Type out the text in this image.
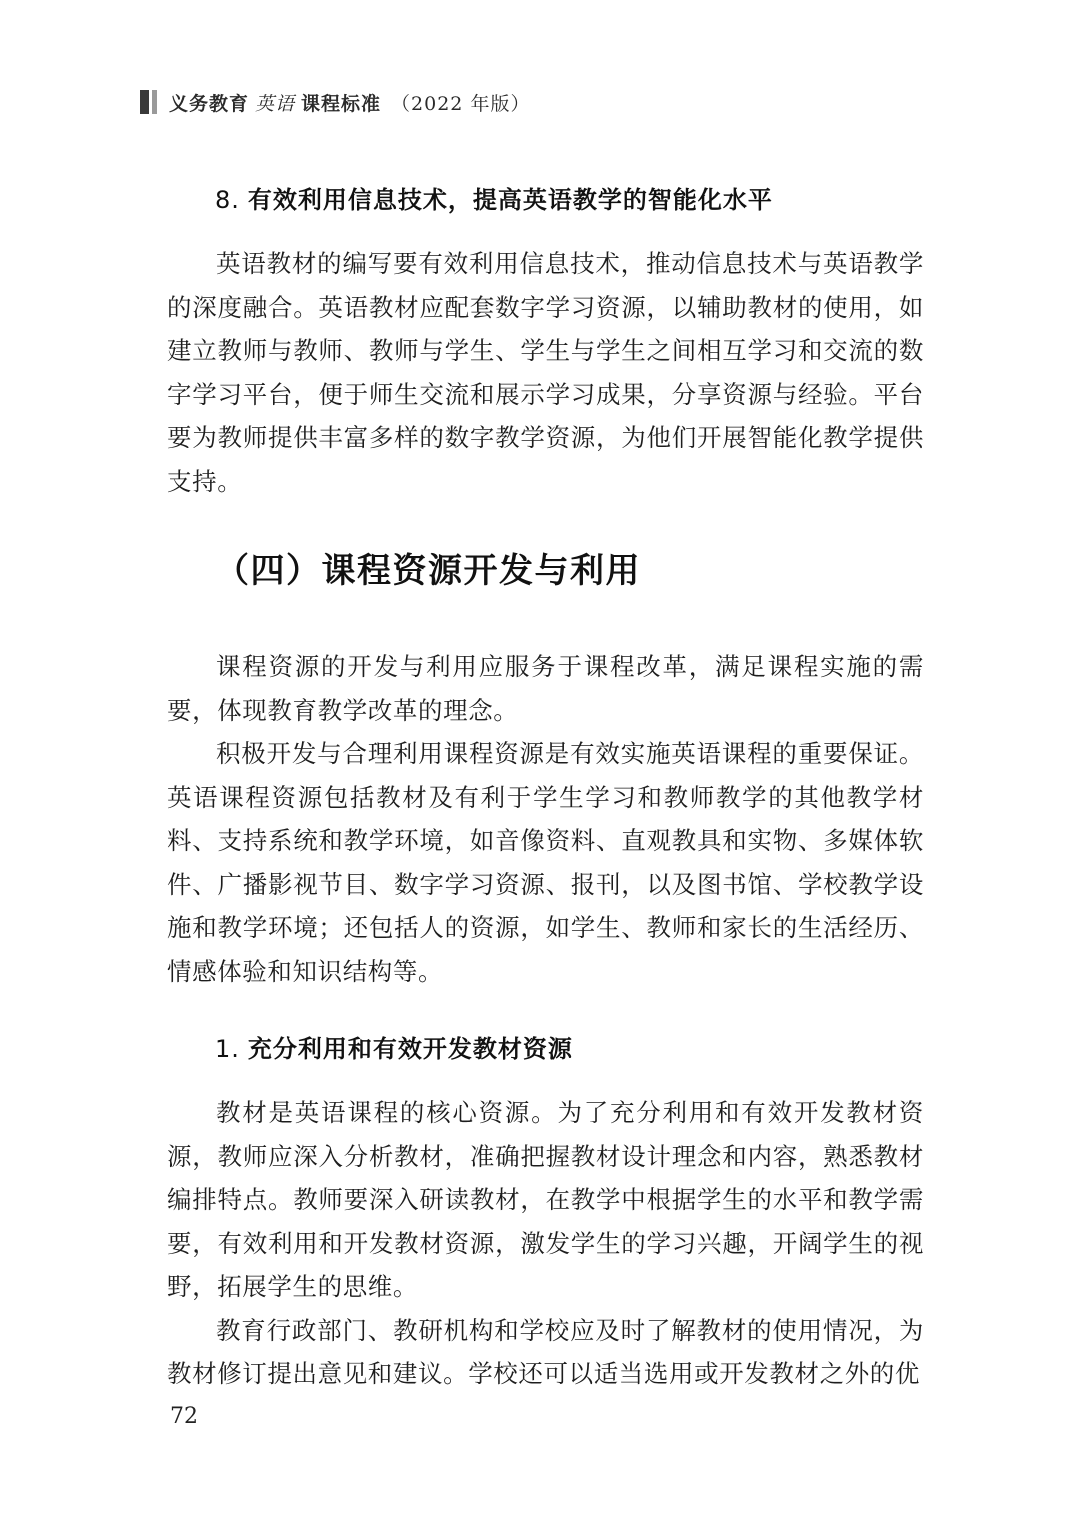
义务教育 英语 课程标准 （2022 年版）
8. 有效利用信息技术，提高英语教学的智能化水平

英语教材的编写要有效利用信息技术，推动信息技术与英语教学的深度融合。英语教材应配套数字学习资源，以辅助教材的使用，如建立教师与教师、教师与学生、学生与学生之间相互学习和交流的数字学习平台，便于师生交流和展示学习成果，分享资源与经验。平台要为教师提供丰富多样的数字教学资源，为他们开展智能化教学提供支持。

（四）课程资源开发与利用

课程资源的开发与利用应服务于课程改革，满足课程实施的需要，体现教育教学改革的理念。

积极开发与合理利用课程资源是有效实施英语课程的重要保证。英语课程资源包括教材及有利于学生学习和教师教学的其他教学材料、支持系统和教学环境，如音像资料、直观教具和实物、多媒体软件、广播影视节目、数字学习资源、报刊，以及图书馆、学校教学设施和教学环境；还包括人的资源，如学生、教师和家长的生活经历、情感体验和知识结构等。

1. 充分利用和有效开发教材资源

教材是英语课程的核心资源。为了充分利用和有效开发教材资源，教师应深入分析教材，准确把握教材设计理念和内容，熟悉教材编排特点。教师要深入研读教材，在教学中根据学生的水平和教学需要，有效利用和开发教材资源，激发学生的学习兴趣，开阔学生的视野，拓展学生的思维。

教育行政部门、教研机构和学校应及时了解教材的使用情况，为教材修订提出意见和建议。学校还可以适当选用或开发教材之外的优

72
